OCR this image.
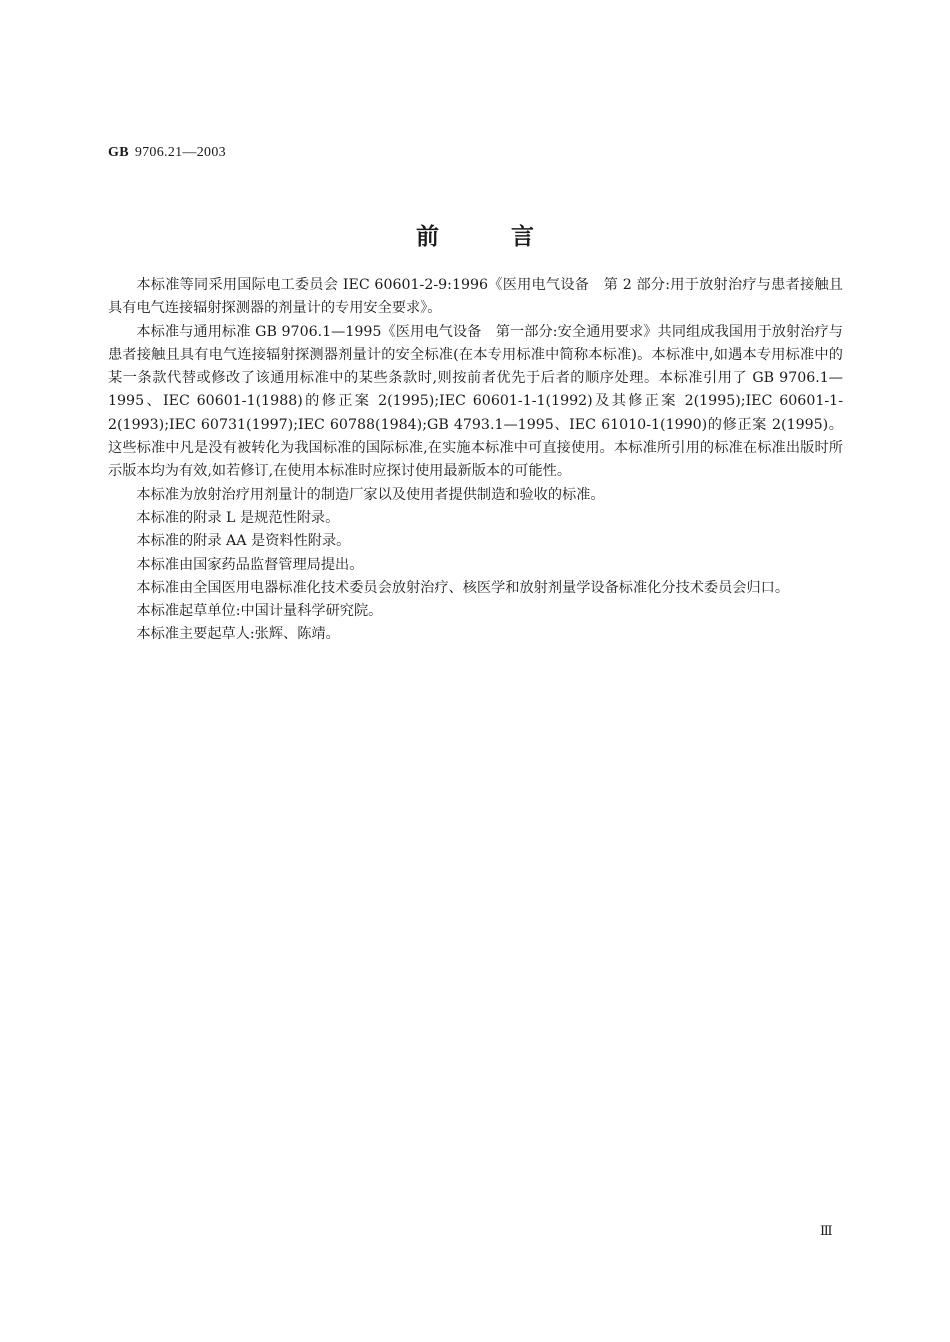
GB 9706.21—2003
前言

本标准等同采用国际电工委员会 IEC 60601-2-9:1996《医用电气设备　第 2 部分:用于放射治疗与患者接触且具有电气连接辐射探测器的剂量计的专用安全要求》。

本标准与通用标准 GB 9706.1—1995《医用电气设备　第一部分:安全通用要求》共同组成我国用于放射治疗与患者接触且具有电气连接辐射探测器剂量计的安全标准(在本专用标准中简称本标准)。本标准中,如遇本专用标准中的某一条款代替或修改了该通用标准中的某些条款时,则按前者优先于后者的顺序处理。本标准引用了 GB 9706.1—1995、IEC 60601-1(1988)的修正案 2(1995);IEC 60601-1-1(1992)及其修正案 2(1995);IEC 60601-1-2(1993);IEC 60731(1997);IEC 60788(1984);GB 4793.1—1995、IEC 61010-1(1990)的修正案 2(1995)。这些标准中凡是没有被转化为我国标准的国际标准,在实施本标准中可直接使用。本标准所引用的标准在标准出版时所示版本均为有效,如若修订,在使用本标准时应探讨使用最新版本的可能性。

本标准为放射治疗用剂量计的制造厂家以及使用者提供制造和验收的标准。

本标准的附录 L 是规范性附录。

本标准的附录 AA 是资料性附录。

本标准由国家药品监督管理局提出。

本标准由全国医用电器标准化技术委员会放射治疗、核医学和放射剂量学设备标准化分技术委员会归口。

本标准起草单位:中国计量科学研究院。

本标准主要起草人:张辉、陈靖。

Ⅲ
